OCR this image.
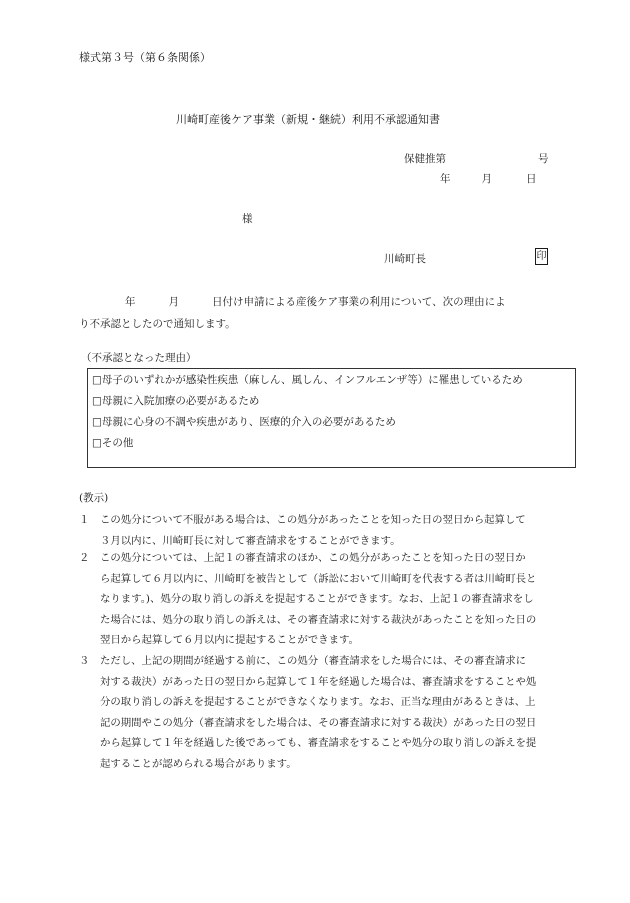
様式第３号（第６条関係）
川崎町産後ケア事業（新規・継続）利用不承認通知書
保健推第	号
年	月	日
様
川崎町長	印
年	月	日付け申請による産後ケア事業の利用について、次の理由によ
り不承認としたので通知します。
（不承認となった理由）
□母子のいずれかが感染性疾患（麻しん、風しん、インフルエンザ等）に罹患しているため
□母親に入院加療の必要があるため
□母親に心身の不調や疾患があり、医療的介入の必要があるため
□その他
(教示)
１	この処分について不服がある場合は、この処分があったことを知った日の翌日から起算して
３月以内に、川崎町長に対して審査請求をすることができます。
２	この処分については、上記１の審査請求のほか、この処分があったことを知った日の翌日か
ら起算して６月以内に、川崎町を被告として（訴訟において川崎町を代表する者は川崎町長と
なります。)、処分の取り消しの訴えを提起することができます。なお、上記１の審査請求をし
た場合には、処分の取り消しの訴えは、その審査請求に対する裁決があったことを知った日の
翌日から起算して６月以内に提起することができます。
３	ただし、上記の期間が経過する前に、この処分（審査請求をした場合には、その審査請求に
対する裁決）があった日の翌日から起算して１年を経過した場合は、審査請求をすることや処
分の取り消しの訴えを提起することができなくなります。なお、正当な理由があるときは、上
記の期間やこの処分（審査請求をした場合は、その審査請求に対する裁決）があった日の翌日
から起算して１年を経過した後であっても、審査請求をすることや処分の取り消しの訴えを提
起することが認められる場合があります。
